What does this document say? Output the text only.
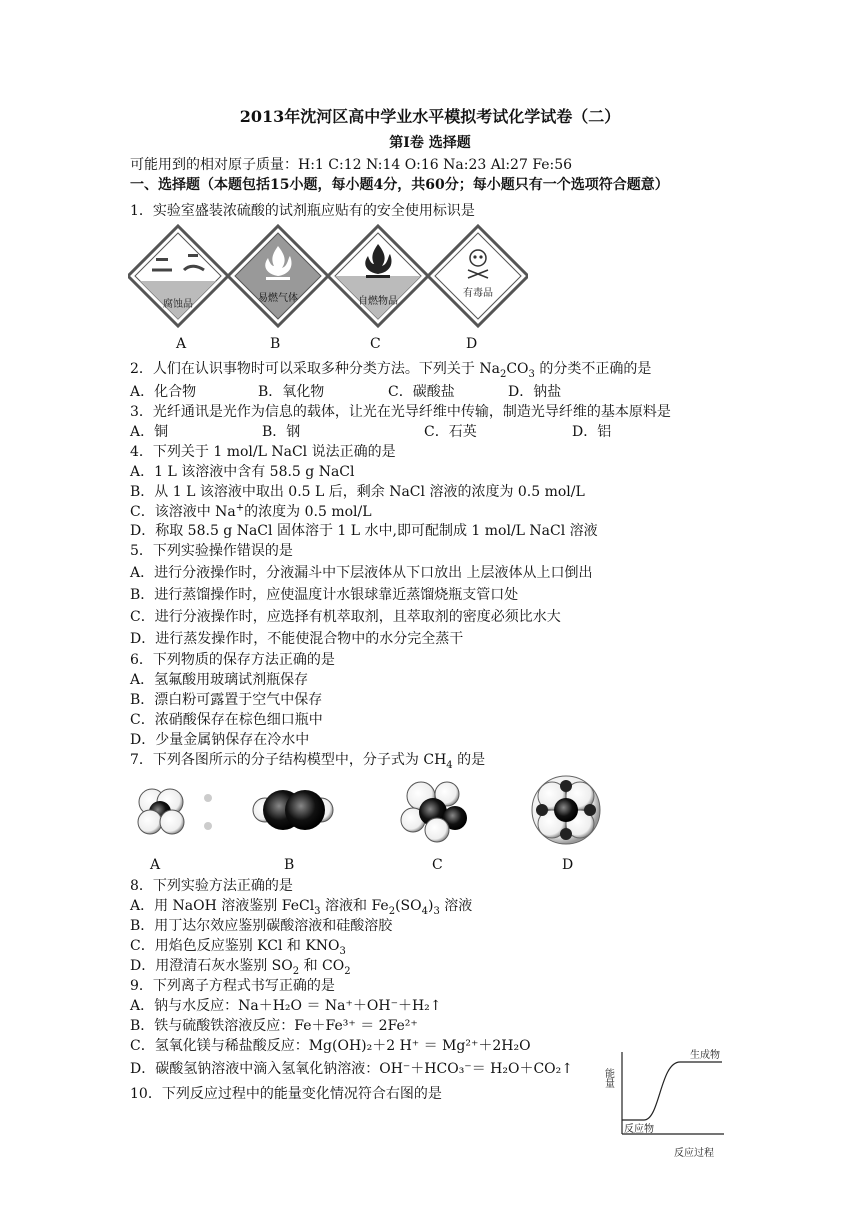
2013年沈河区高中学业水平模拟考试化学试卷（二）
第Ⅰ卷 选择题
可能用到的相对原子质量：H:1 C:12 N:14 O:16 Na:23 Al:27 Fe:56
一、选择题（本题包括15小题，每小题4分，共60分；每小题只有一个选项符合题意）
1．实验室盛装浓硫酸的试剂瓶应贴有的安全使用标识是
腐蚀品
易燃气体	自燃物品
有毒品
A	B	C	D
2．人们在认识事物时可以采取多种分类方法。下列关于 $Na_2CO_3$ 的分类不正确的是
A．化合物	B．氧化物	C．碳酸盐	D．钠盐
3．光纤通讯是光作为信息的载体，让光在光导纤维中传输，制造光导纤维的基本原料是
A．铜	B．钢	C．石英	D．铝
4．下列关于 1 mol/L NaCl 说法正确的是
A．1 L 该溶液中含有 58.5 g NaCl
B．从 1 L 该溶液中取出 0.5 L 后，剩余 NaCl 溶液的浓度为 0.5 mol/L
C．该溶液中 Na+的浓度为 0.5 mol/L
D．称取 58.5 g NaCl 固体溶于 1 L 水中,即可配制成 1 mol/L NaCl 溶液
5．下列实验操作错误的是
A．进行分液操作时，分液漏斗中下层液体从下口放出 上层液体从上口倒出
B．进行蒸馏操作时，应使温度计水银球靠近蒸馏烧瓶支管口处
C．进行分液操作时，应选择有机萃取剂，且萃取剂的密度必须比水大
D．进行蒸发操作时，不能使混合物中的水分完全蒸干
6．下列物质的保存方法正确的是
A．氢氟酸用玻璃试剂瓶保存
B．漂白粉可露置于空气中保存
C．浓硝酸保存在棕色细口瓶中
D．少量金属钠保存在冷水中
7．下列各图所示的分子结构模型中，分子式为 $CH_4$ 的是
A	B	C	D
8．下列实验方法正确的是
A．用 NaOH 溶液鉴别 FeCl$_3$ 溶液和 $Fe_2(SO_4)_3$ 溶液
B．用丁达尔效应鉴别碳酸溶液和硅酸溶胶
C．用焰色反应鉴别 KCl 和 $KNO_3$
D．用澄清石灰水鉴别 $SO_2$ 和 $CO_2$
9．下列离子方程式书写正确的是
A．钠与水反应：Na＋H₂O ＝ Na⁺＋OH⁻＋H₂↑
B．铁与硫酸铁溶液反应：Fe＋Fe³⁺ ＝ 2Fe²⁺
C．氢氧化镁与稀盐酸反应：Mg(OH)₂＋2 H⁺ ＝ Mg²⁺＋2H₂O
D．碳酸氢钠溶液中滴入氢氧化钠溶液：OH⁻＋HCO₃⁻＝ H₂O＋CO₂↑
10．下列反应过程中的能量变化情况符合右图的是
能量
生成物
反应物
反应过程
